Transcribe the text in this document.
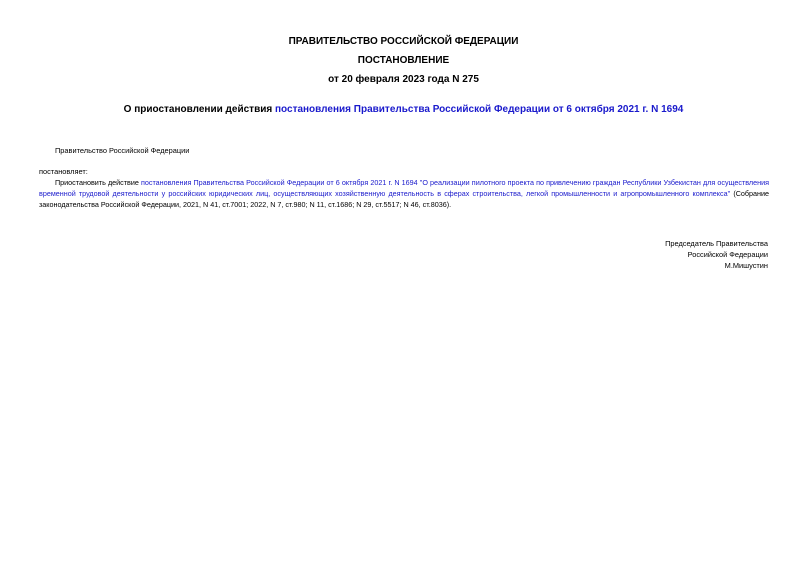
ПРАВИТЕЛЬСТВО РОССИЙСКОЙ ФЕДЕРАЦИИ
ПОСТАНОВЛЕНИЕ
от 20 февраля 2023 года N 275
О приостановлении действия постановления Правительства Российской Федерации от 6 октября 2021 г. N 1694
Правительство Российской Федерации
постановляет:
Приостановить действие постановления Правительства Российской Федерации от 6 октября 2021 г. N 1694 "О реализации пилотного проекта по привлечению граждан Республики Узбекистан для осуществления временной трудовой деятельности у российских юридических лиц, осуществляющих хозяйственную деятельность в сферах строительства, легкой промышленности и агропромышленного комплекса" (Собрание законодательства Российской Федерации, 2021, N 41, ст.7001; 2022, N 7, ст.980; N 11, ст.1686; N 29, ст.5517; N 46, ст.8036).
Председатель Правительства
Российской Федерации
М.Мишустин
